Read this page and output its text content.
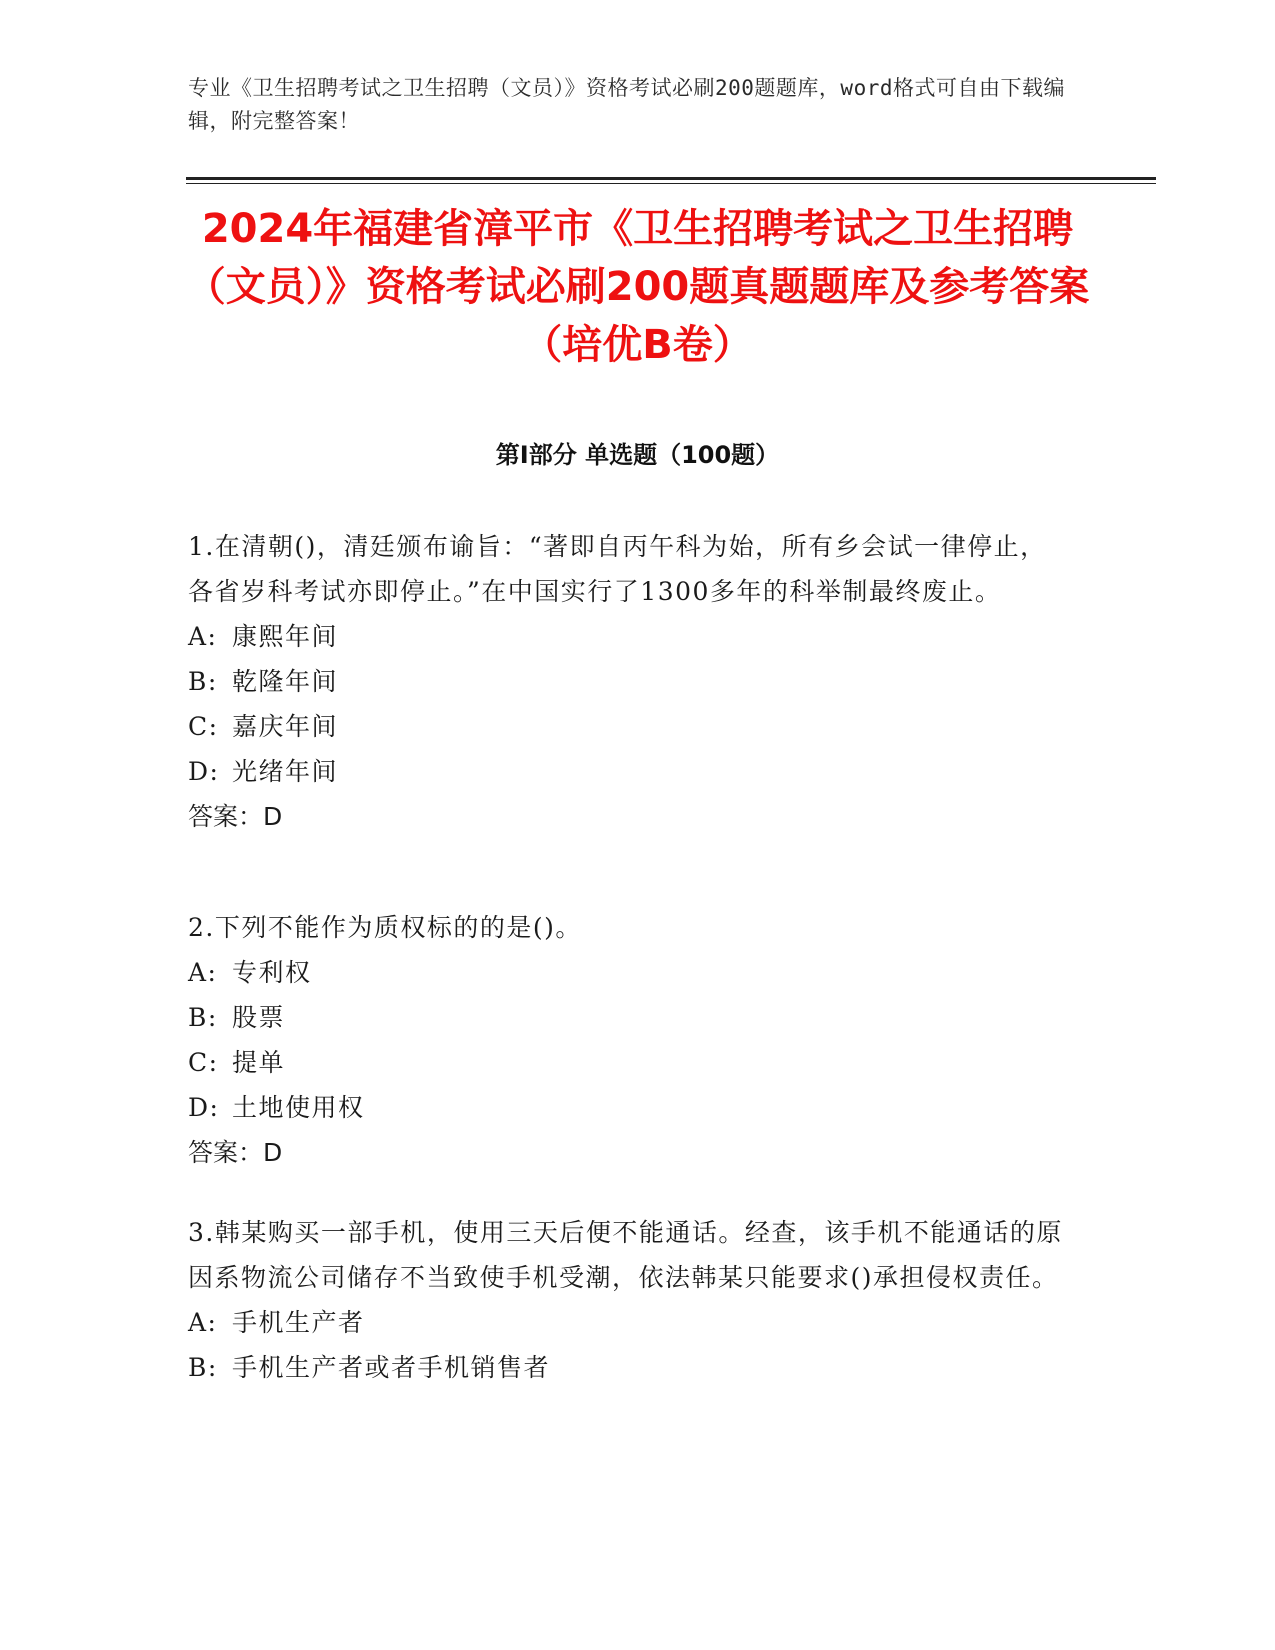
专业《卫生招聘考试之卫生招聘（文员）》资格考试必刷200题题库，word格式可自由下载编辑，附完整答案！
2024年福建省漳平市《卫生招聘考试之卫生招聘（文员）》资格考试必刷200题真题题库及参考答案（培优B卷）
第Ⅰ部分 单选题（100题）

1.在清朝()，清廷颁布谕旨：“著即自丙午科为始，所有乡会试一律停止，各省岁科考试亦即停止。”在中国实行了1300多年的科举制最终废止。

A: 康熙年间
B: 乾隆年间
C: 嘉庆年间
D: 光绪年间

答案：D

2.下列不能作为质权标的的是()。

A: 专利权
B: 股票
C: 提单
D: 土地使用权

答案：D

3.韩某购买一部手机，使用三天后便不能通话。经查，该手机不能通话的原因系物流公司储存不当致使手机受潮，依法韩某只能要求()承担侵权责任。

A: 手机生产者
B: 手机生产者或者手机销售者
